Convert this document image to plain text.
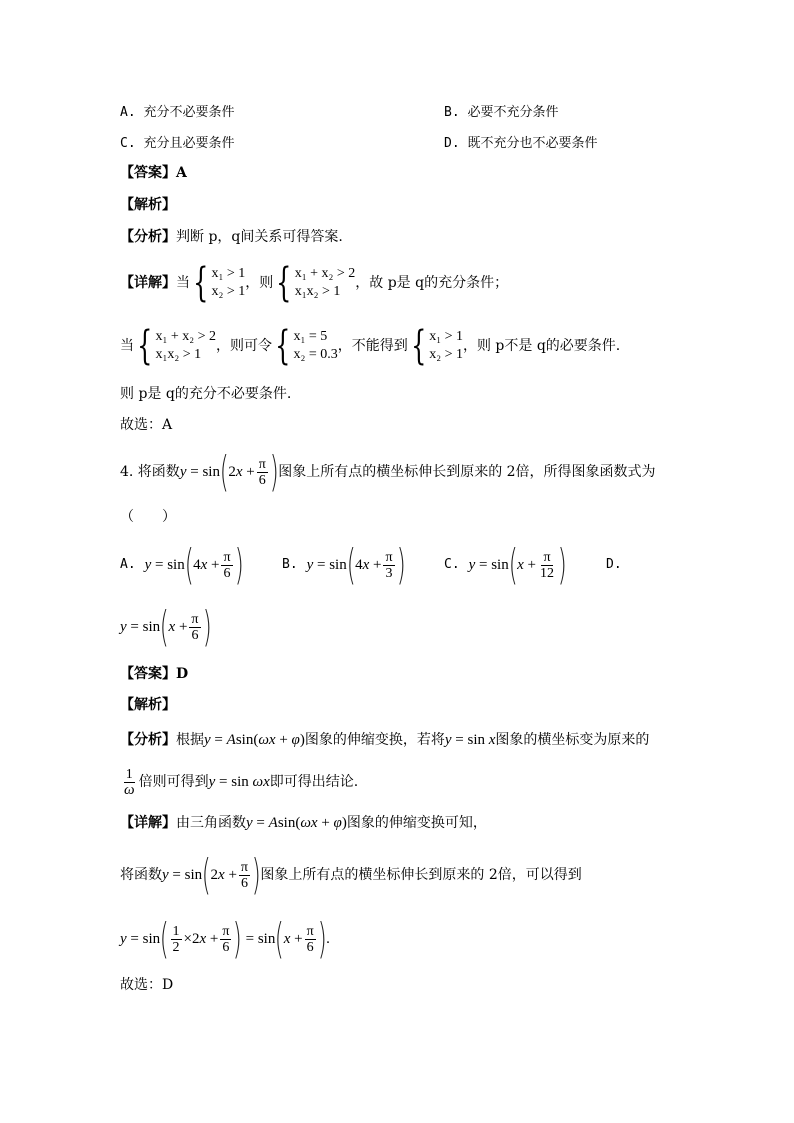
A. 充分不必要条件	B. 必要不充分条件
C. 充分且必要条件	D. 既不充分也不必要条件
【答案】A
【解析】
【分析】判断 p，q间关系可得答案.
【详解】 当 { x₁ > 1
x₂ > 1
，则 { x₁ + x₂ > 2
x₁x₂ > 1
，故 p是 q的充分条件；
当 { x₁ + x₂ > 2
x₁x₂ > 1
，则可令 { x₁ = 5
x₂ = 0.3
，不能得到 { x₁ > 1
x₂ > 1
，则 p不是 q的必要条件.
则 p是 q的充分不必要条件.
故选：A
4. 将函数 y = sin ( 2 $x + \frac{\pi}{6}$ ) 图象上所有点的横坐标伸长到原来的 2倍，所得图象函数式为
（　　）
A.
y = sin ( 4 $x + \frac{\pi}{6}$ )	B.
y = sin ( 4 $x + \frac{\pi}{3}$ )	C.
y = sin ( $x + \frac{\pi}{12}$ )	D.
y = sin ( $x + \frac{\pi}{6}$ )
【答案】D
【解析】
【分析】 根据 y = A sin ( ωx + φ ) 图象的伸缩变换，若将 y = sin x 图象的横坐标变为原来的
$\frac{1}{\omega}$ 倍则可得到 y = sin ωx 即可得出结论.
【详解】 由三角函数 y = A sin ( ωx + φ ) 图象的伸缩变换可知，
将函数 y = sin ( 2 $x + \frac{\pi}{6}$ ) 图象上所有点的横坐标伸长到原来的 2倍，可以得到
y = sin ( $\frac{1}{2} \times 2$ $x + \frac{\pi}{6}$ ) = sin ( $x + \frac{\pi}{6}$ ) .
故选：D
